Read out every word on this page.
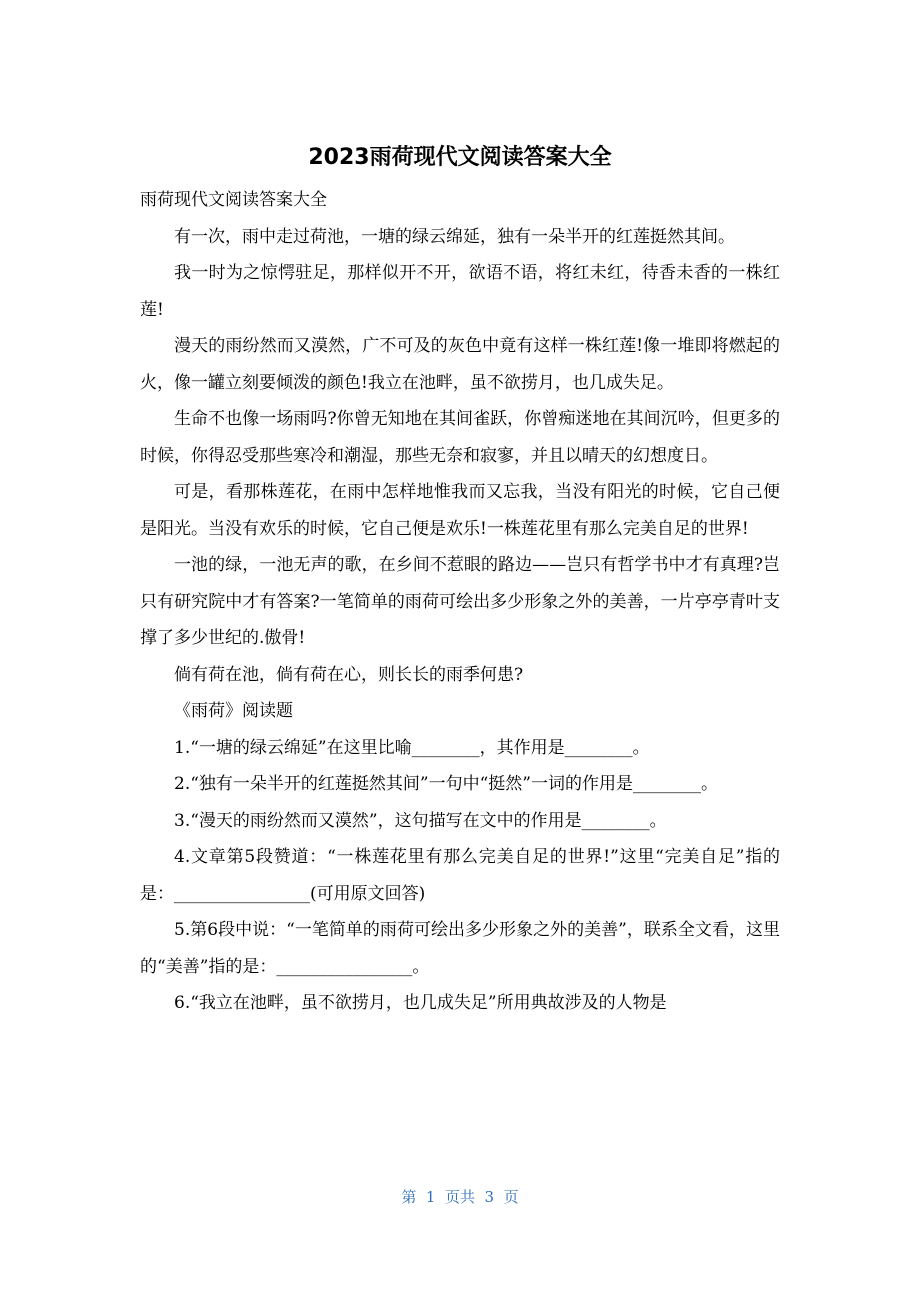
2023雨荷现代文阅读答案大全

雨荷现代文阅读答案大全

有一次，雨中走过荷池，一塘的绿云绵延，独有一朵半开的红莲挺然其间。

我一时为之惊愕驻足，那样似开不开，欲语不语，将红未红，待香未香的一株红莲!

漫天的雨纷然而又漠然，广不可及的灰色中竟有这样一株红莲!像一堆即将燃起的火，像一罐立刻要倾泼的颜色!我立在池畔，虽不欲捞月，也几成失足。

生命不也像一场雨吗?你曾无知地在其间雀跃，你曾痴迷地在其间沉吟，但更多的时候，你得忍受那些寒冷和潮湿，那些无奈和寂寥，并且以晴天的幻想度日。

可是，看那株莲花，在雨中怎样地惟我而又忘我，当没有阳光的时候，它自己便是阳光。当没有欢乐的时候，它自己便是欢乐!一株莲花里有那么完美自足的世界!

一池的绿，一池无声的歌，在乡间不惹眼的路边——岂只有哲学书中才有真理?岂只有研究院中才有答案?一笔简单的雨荷可绘出多少形象之外的美善，一片亭亭青叶支撑了多少世纪的.傲骨!

倘有荷在池，倘有荷在心，则长长的雨季何患?

《雨荷》阅读题

1.“一塘的绿云绵延”在这里比喻________，其作用是________。

2.“独有一朵半开的红莲挺然其间”一句中“挺然”一词的作用是________。

3.“漫天的雨纷然而又漠然”，这句描写在文中的作用是________。

4.文章第5段赞道：“一株莲花里有那么完美自足的世界!”这里“完美自足”指的是：________________(可用原文回答)

5.第6段中说：“一笔简单的雨荷可绘出多少形象之外的美善”，联系全文看，这里的“美善”指的是：________________。

6.“我立在池畔，虽不欲捞月，也几成失足”所用典故涉及的人物是

第  1  页共  3  页
